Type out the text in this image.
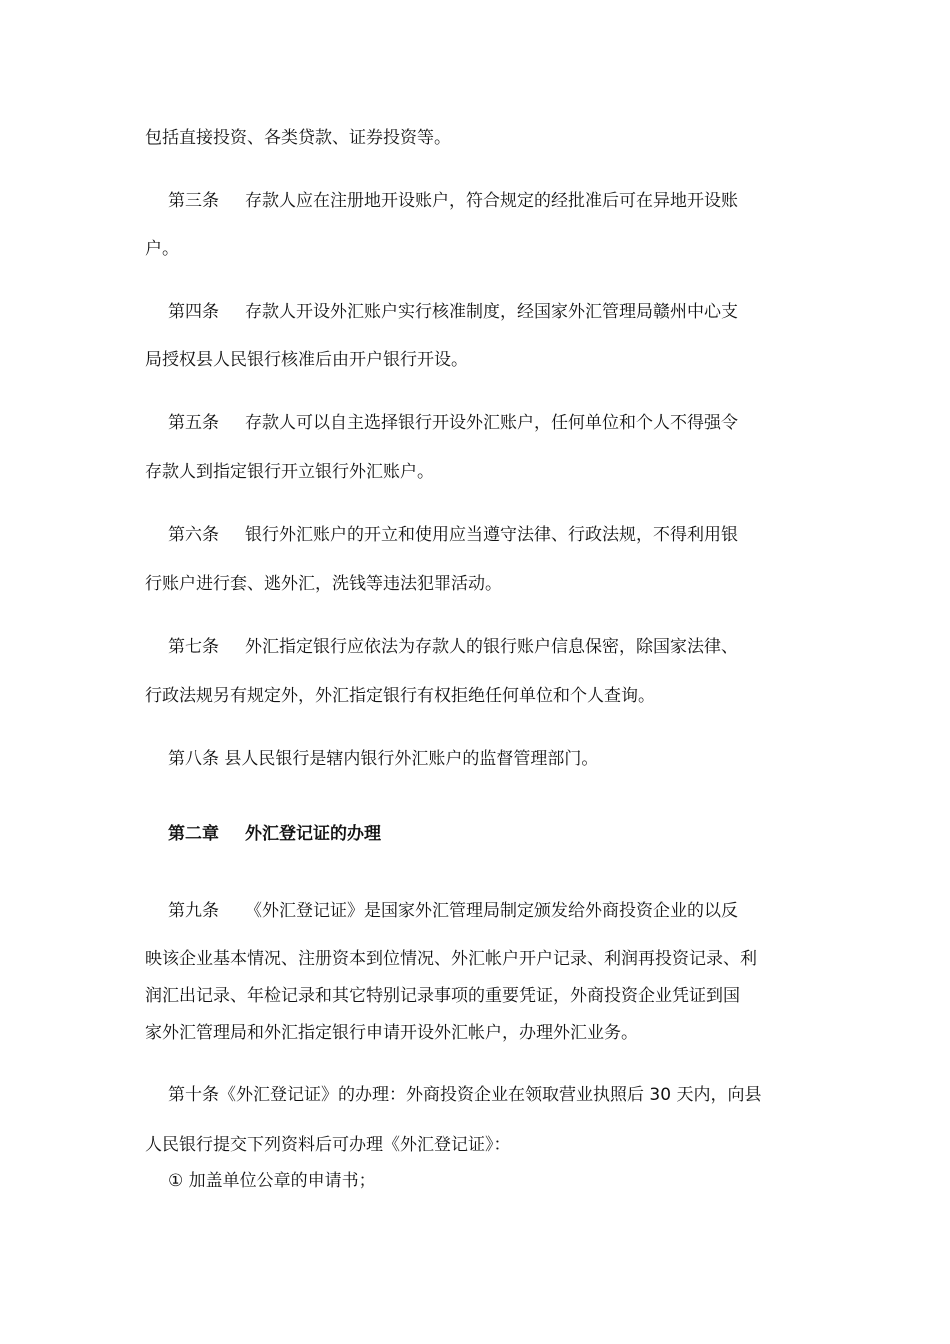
包括直接投资、各类贷款、证券投资等。
第三条 存款人应在注册地开设账户，符合规定的经批准后可在异地开设账
户。
第四条 存款人开设外汇账户实行核准制度，经国家外汇管理局赣州中心支
局授权县人民银行核准后由开户银行开设。
第五条 存款人可以自主选择银行开设外汇账户，任何单位和个人不得强令
存款人到指定银行开立银行外汇账户。
第六条 银行外汇账户的开立和使用应当遵守法律、行政法规，不得利用银
行账户进行套、逃外汇，洗钱等违法犯罪活动。
第七条 外汇指定银行应依法为存款人的银行账户信息保密，除国家法律、
行政法规另有规定外，外汇指定银行有权拒绝任何单位和个人查询。
第八条 县人民银行是辖内银行外汇账户的监督管理部门。
第二章 外汇登记证的办理
第九条 《外汇登记证》是国家外汇管理局制定颁发给外商投资企业的以反
映该企业基本情况、注册资本到位情况、外汇帐户开户记录、利润再投资记录、利
润汇出记录、年检记录和其它特别记录事项的重要凭证，外商投资企业凭证到国
家外汇管理局和外汇指定银行申请开设外汇帐户，办理外汇业务。
第十条《外汇登记证》的办理：外商投资企业在领取营业执照后 30 天内，向县
人民银行提交下列资料后可办理《外汇登记证》：
① 加盖单位公章的申请书；
